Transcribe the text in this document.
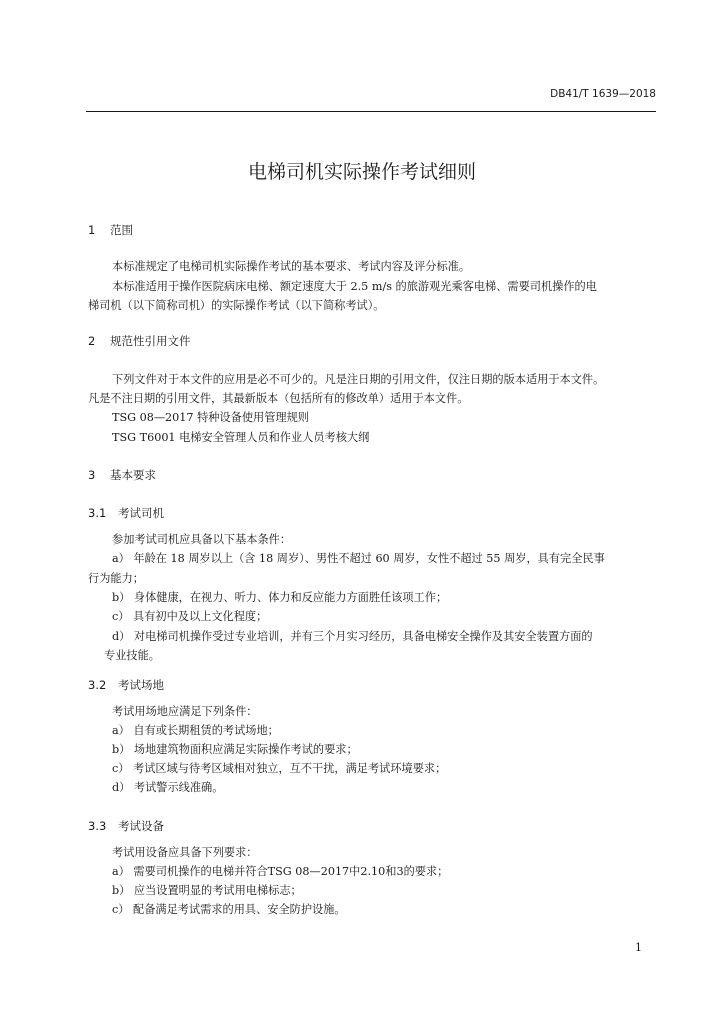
DB41/T 1639—2018
电梯司机实际操作考试细则
1 范围
本标准规定了电梯司机实际操作考试的基本要求、考试内容及评分标准。
本标准适用于操作医院病床电梯、额定速度大于 2.5 m/s 的旅游观光乘客电梯、需要司机操作的电
梯司机（以下简称司机）的实际操作考试（以下简称考试）。
2 规范性引用文件
下列文件对于本文件的应用是必不可少的。凡是注日期的引用文件，仅注日期的版本适用于本文件。
凡是不注日期的引用文件，其最新版本（包括所有的修改单）适用于本文件。
TSG 08—2017 特种设备使用管理规则
TSG T6001 电梯安全管理人员和作业人员考核大纲
3 基本要求
3.1 考试司机
参加考试司机应具备以下基本条件：
a） 年龄在 18 周岁以上（含 18 周岁）、男性不超过 60 周岁，女性不超过 55 周岁，具有完全民事
行为能力；
b） 身体健康，在视力、听力、体力和反应能力方面胜任该项工作；
c） 具有初中及以上文化程度；
d） 对电梯司机操作受过专业培训，并有三个月实习经历，具备电梯安全操作及其安全装置方面的
专业技能。
3.2 考试场地
考试用场地应满足下列条件：
a） 自有或长期租赁的考试场地；
b） 场地建筑物面积应满足实际操作考试的要求；
c） 考试区域与待考区域相对独立，互不干扰，满足考试环境要求；
d） 考试警示线准确。
3.3 考试设备
考试用设备应具备下列要求：
a） 需要司机操作的电梯并符合TSG 08—2017中2.10和3的要求；
b） 应当设置明显的考试用电梯标志；
c） 配备满足考试需求的用具、安全防护设施。
1
